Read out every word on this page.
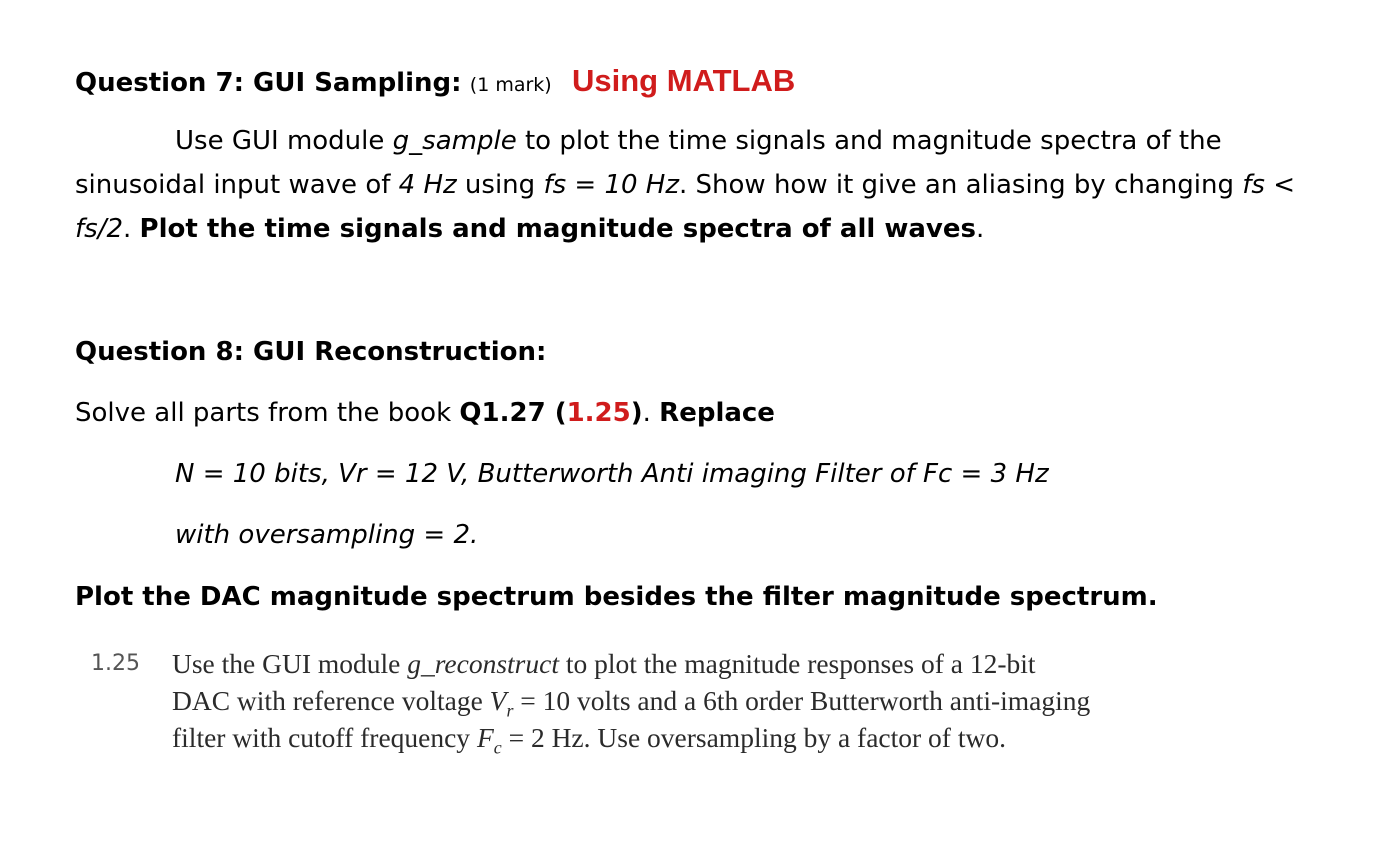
Question 7: GUI Sampling: (1 mark) Using MATLAB
Use GUI module g_sample to plot the time signals and magnitude spectra of the
sinusoidal input wave of 4 Hz using fs = 10 Hz. Show how it give an aliasing by changing fs <
fs/2. Plot the time signals and magnitude spectra of all waves.
Question 8: GUI Reconstruction:
Solve all parts from the book Q1.27 (1.25). Replace
N = 10 bits, Vr = 12 V, Butterworth Anti imaging Filter of Fc = 3 Hz
with oversampling = 2.
Plot the DAC magnitude spectrum besides the filter magnitude spectrum.
1.25 Use the GUI module g_reconstruct to plot the magnitude responses of a 12-bit
DAC with reference voltage $V_r = 10$ volts and a 6th order Butterworth anti-imaging
filter with cutoff frequency $F_c = 2$ Hz. Use oversampling by a factor of two.
